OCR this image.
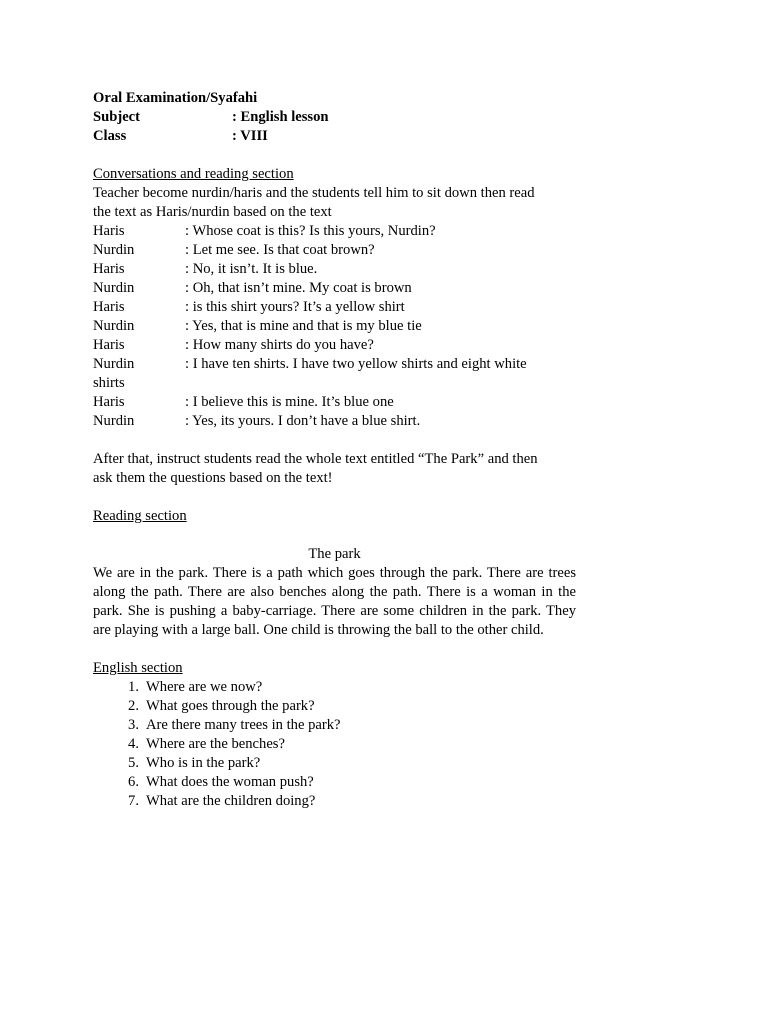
Oral Examination/Syafahi
Subject	: English lesson
Class	: VIII
Conversations and reading section
Teacher become nurdin/haris and the students tell him to sit down then read
the text as Haris/nurdin based on the text
Haris	: Whose coat is this? Is this yours, Nurdin?
Nurdin	: Let me see. Is that coat brown?
Haris	: No, it isn’t. It is blue.
Nurdin	: Oh, that isn’t mine. My coat is brown
Haris	: is this shirt yours? It’s a yellow shirt
Nurdin	: Yes, that is mine and that is my blue tie
Haris	: How many shirts do you have?
Nurdin	: I have ten shirts. I have two yellow shirts and eight white
shirts
Haris	: I believe this is mine. It’s blue one
Nurdin	: Yes, its yours. I don’t have a blue shirt.
After that, instruct students read the whole text entitled “The Park” and then
ask them the questions based on the text!
Reading section
The park
We are in the park. There is a path which goes through the park. There are trees along the path. There are also benches along the path. There is a woman in the park. She is pushing a baby-carriage. There are some children in the park. They are playing with a large ball. One child is throwing the ball to the other child.
English section
1. Where are we now?
2. What goes through the park?
3. Are there many trees in the park?
4. Where are the benches?
5. Who is in the park?
6. What does the woman push?
7. What are the children doing?
